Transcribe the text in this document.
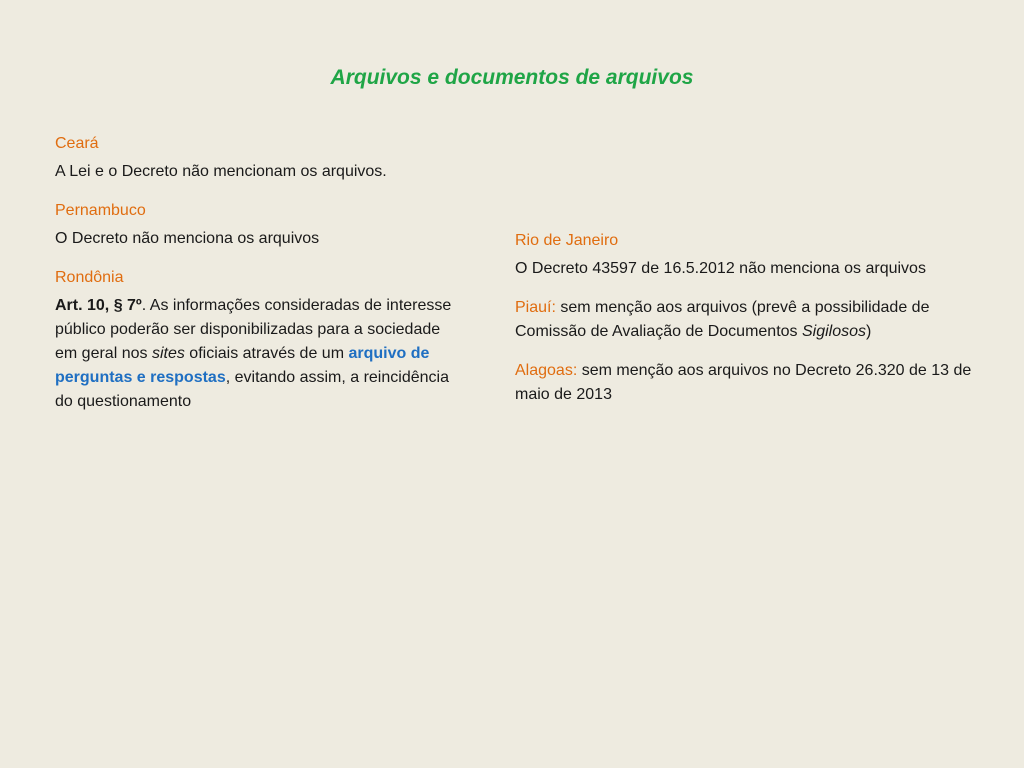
Arquivos e documentos de arquivos

Ceará

A Lei e o Decreto não mencionam os arquivos.

Pernambuco

O Decreto não menciona os arquivos

Rondônia

Art. 10, § 7º. As informações consideradas de interesse público poderão ser disponibilizadas para a sociedade em geral nos sites oficiais através de um arquivo de perguntas e respostas, evitando assim, a reincidência do questionamento

Rio de Janeiro

O Decreto 43597 de 16.5.2012 não menciona os arquivos

Piauí: sem menção aos arquivos (prevê a possibilidade de Comissão de Avaliação de Documentos Sigilosos)

Alagoas: sem menção aos arquivos no Decreto 26.320 de 13 de maio de 2013
